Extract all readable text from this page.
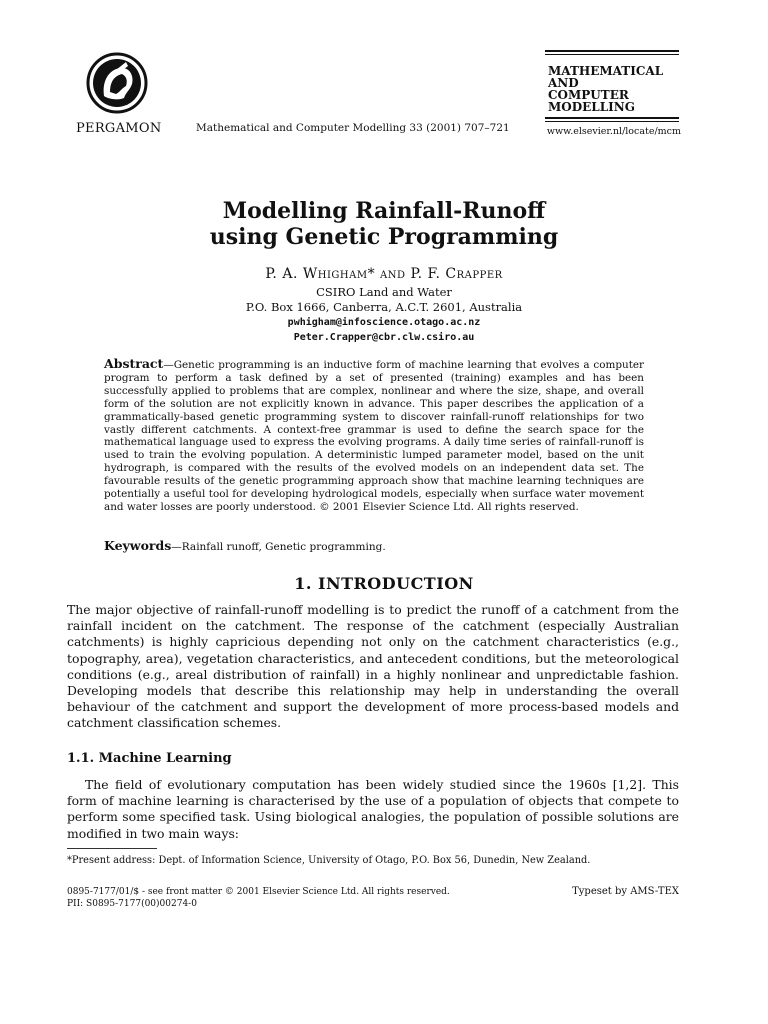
PERGAMON	Mathematical and Computer Modelling 33 (2001) 707–721
MATHEMATICAL
AND
COMPUTER
MODELLING
www.elsevier.nl/locate/mcm
Modelling Rainfall-Runoff
using Genetic Programming
P. A. Whigham* and P. F. Crapper
CSIRO Land and Water
P.O. Box 1666, Canberra, A.C.T. 2601, Australia
pwhigham@infoscience.otago.ac.nz
Peter.Crapper@cbr.clw.csiro.au
Abstract—Genetic programming is an inductive form of machine learning that evolves a computer program to perform a task defined by a set of presented (training) examples and has been successfully applied to problems that are complex, nonlinear and where the size, shape, and overall form of the solution are not explicitly known in advance. This paper describes the application of a grammatically-based genetic programming system to discover rainfall-runoff relationships for two vastly different catchments. A context-free grammar is used to define the search space for the mathematical language used to express the evolving programs. A daily time series of rainfall-runoff is used to train the evolving population. A deterministic lumped parameter model, based on the unit hydrograph, is compared with the results of the evolved models on an independent data set. The favourable results of the genetic programming approach show that machine learning techniques are potentially a useful tool for developing hydrological models, especially when surface water movement and water losses are poorly understood. © 2001 Elsevier Science Ltd. All rights reserved.
Keywords—Rainfall runoff, Genetic programming.
1. INTRODUCTION
The major objective of rainfall-runoff modelling is to predict the runoff of a catchment from the rainfall incident on the catchment. The response of the catchment (especially Australian catchments) is highly capricious depending not only on the catchment characteristics (e.g., topography, area), vegetation characteristics, and antecedent conditions, but the meteorological conditions (e.g., areal distribution of rainfall) in a highly nonlinear and unpredictable fashion. Developing models that describe this relationship may help in understanding the overall behaviour of the catchment and support the development of more process-based models and catchment classification schemes.
1.1. Machine Learning
The field of evolutionary computation has been widely studied since the 1960s [1,2]. This form of machine learning is characterised by the use of a population of objects that compete to perform some specified task. Using biological analogies, the population of possible solutions are modified in two main ways:
*Present address: Dept. of Information Science, University of Otago, P.O. Box 56, Dunedin, New Zealand.
0895-7177/01/$ - see front matter © 2001 Elsevier Science Ltd. All rights reserved.
PII: S0895-7177(00)00274-0
Typeset by AMS-TEX
